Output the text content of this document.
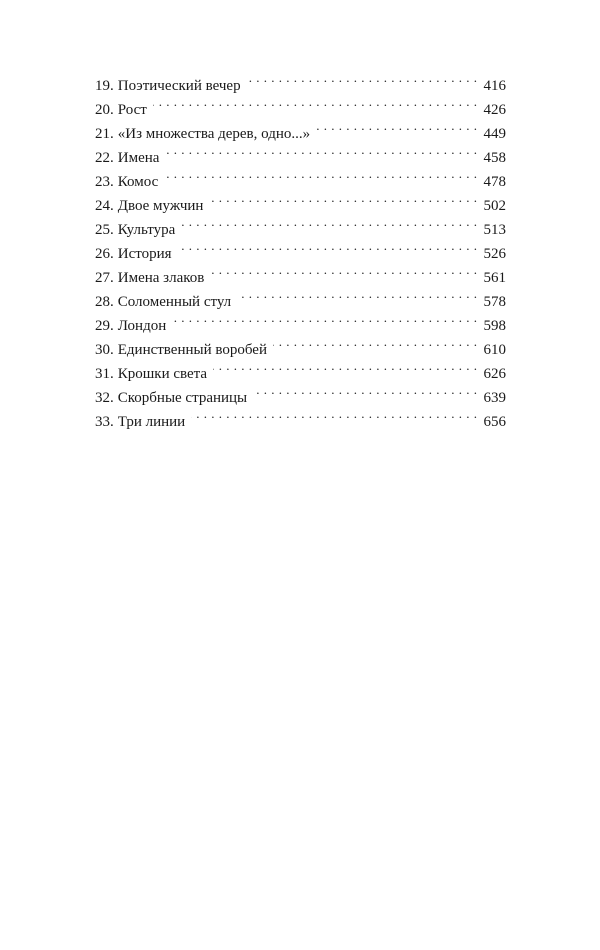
19. Поэтический вечер . . .	416
20. Рост . . .	426
21. «Из множества дерев, одно...» . . .	449
22. Имена . . .	458
23. Комос . . .	478
24. Двое мужчин . . .	502
25. Культура . . .	513
26. История . . .	526
27. Имена злаков . . .	561
28. Соломенный стул . . .	578
29. Лондон . . .	598
30. Единственный воробей . . .	610
31. Крошки света . . .	626
32. Скорбные страницы . . .	639
33. Три линии . . .	656
